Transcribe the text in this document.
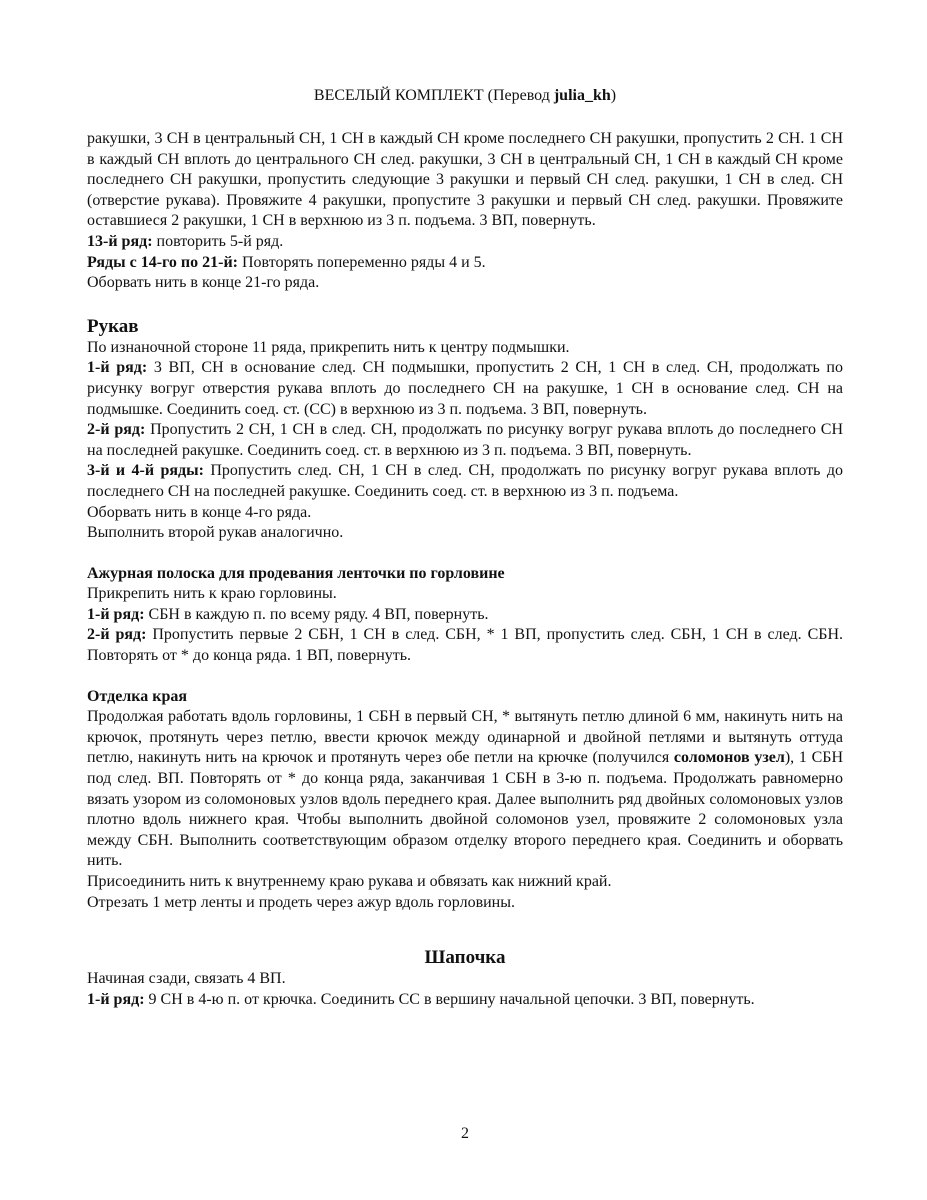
ВЕСЕЛЫЙ КОМПЛЕКТ (Перевод julia_kh)

ракушки, 3 СН в центральный СН, 1 СН в каждый СН кроме последнего СН ракушки, пропустить 2 СН. 1 СН в каждый СН вплоть до центрального СН след. ракушки, 3 СН в центральный СН, 1 СН в каждый СН кроме последнего СН ракушки, пропустить следующие 3 ракушки и первый СН след. ракушки, 1 СН в след. СН (отверстие рукава). Провяжите 4 ракушки, пропустите 3 ракушки и первый СН след. ракушки. Провяжите оставшиеся 2 ракушки, 1 СН в верхнюю из 3 п. подъема. 3 ВП, повернуть.

13-й ряд: повторить 5-й ряд.

Ряды с 14-го по 21-й: Повторять попеременно ряды 4 и 5.

Оборвать нить в конце 21-го ряда.

Рукав

По изнаночной стороне 11 ряда, прикрепить нить к центру подмышки.

1-й ряд: 3 ВП, СН в основание след. СН подмышки, пропустить 2 СН, 1 СН в след. СН, продолжать по рисунку вогруг отверстия рукава вплоть до последнего СН на ракушке, 1 СН в основание след. СН на подмышке. Соединить соед. ст. (СС) в верхнюю из 3 п. подъема. 3 ВП, повернуть.

2-й ряд: Пропустить 2 СН, 1 СН в след. СН, продолжать по рисунку вогруг рукава вплоть до последнего СН на последней ракушке. Соединить соед. ст. в верхнюю из 3 п. подъема. 3 ВП, повернуть.

3-й и 4-й ряды: Пропустить след. СН, 1 СН в след. СН, продолжать по рисунку вогруг рукава вплоть до последнего СН на последней ракушке. Соединить соед. ст. в верхнюю из 3 п. подъема.

Оборвать нить в конце 4-го ряда.

Выполнить второй рукав аналогично.

Ажурная полоска для продевания ленточки по горловине

Прикрепить нить к краю горловины.

1-й ряд: СБН в каждую п. по всему ряду. 4 ВП, повернуть.

2-й ряд: Пропустить первые 2 СБН, 1 СН в след. СБН, * 1 ВП, пропустить след. СБН, 1 СН в след. СБН. Повторять от * до конца ряда. 1 ВП, повернуть.

Отделка края

Продолжая работать вдоль горловины, 1 СБН в первый СН, * вытянуть петлю длиной 6 мм, накинуть нить на крючок, протянуть через петлю, ввести крючок между одинарной и двойной петлями и вытянуть оттуда петлю, накинуть нить на крючок и протянуть через обе петли на крючке (получился соломонов узел), 1 СБН под след. ВП. Повторять от * до конца ряда, заканчивая 1 СБН в 3-ю п. подъема. Продолжать равномерно вязать узором из соломоновых узлов вдоль переднего края. Далее выполнить ряд двойных соломоновых узлов плотно вдоль нижнего края. Чтобы выполнить двойной соломонов узел, провяжите 2 соломоновых узла между СБН. Выполнить соответствующим образом отделку второго переднего края. Соединить и оборвать нить.

Присоединить нить к внутреннему краю рукава и обвязать как нижний край.

Отрезать 1 метр ленты и продеть через ажур вдоль горловины.

Шапочка

Начиная сзади, связать 4 ВП.

1-й ряд: 9 СН в 4-ю п. от крючка. Соединить СС в вершину начальной цепочки. 3 ВП, повернуть.

2
